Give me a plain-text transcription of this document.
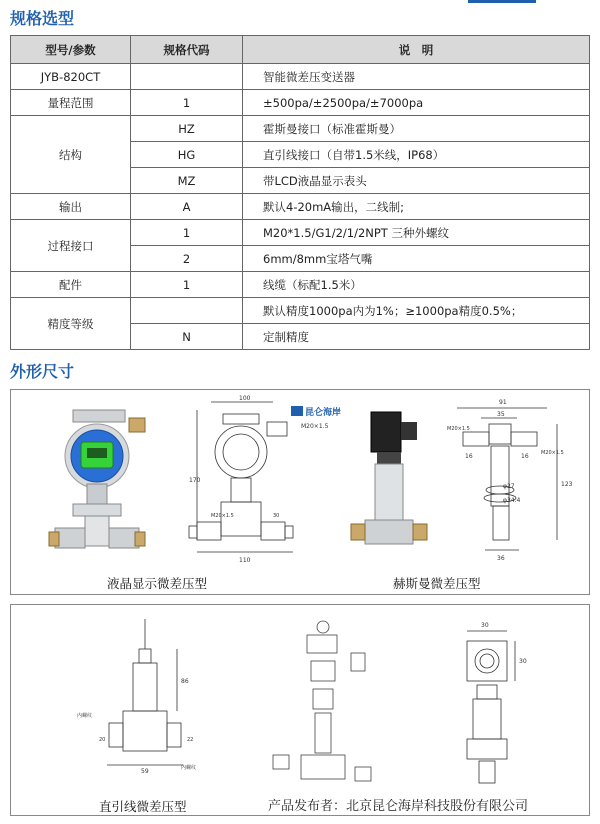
规格选型
型号/参数	规格代码	说　明
JYB-820CT		智能微差压变送器
量程范围	1	±500pa/±2500pa/±7000pa
结构	HZ	霍斯曼接口（标准霍斯曼）
	HG	直引线接口（自带1.5米线，IP68）
	MZ	带LCD液晶显示表头
输出	A	默认4-20mA输出，二线制;
过程接口	1	M20*1.5/G1/2/1/2NPT 三种外螺纹
	2	6mm/8mm宝塔气嘴
配件	1	线缆（标配1.5米）
精度等级		默认精度1000pa内为1%；≥1000pa精度0.5%；
	N	定制精度
外形尺寸
100
M20×1.5
170
M20×1.5	30
110
昆仑海岸
91
35
16	16
M20×1.5
M20×1.5
φ27
φ34.4
123
36
液晶显示微差压型	赫斯曼微差压型
86
59
20	22
内螺纹
内螺纹
30
30
直引线微差压型	产品发布者：北京昆仑海岸科技股份有限公司
